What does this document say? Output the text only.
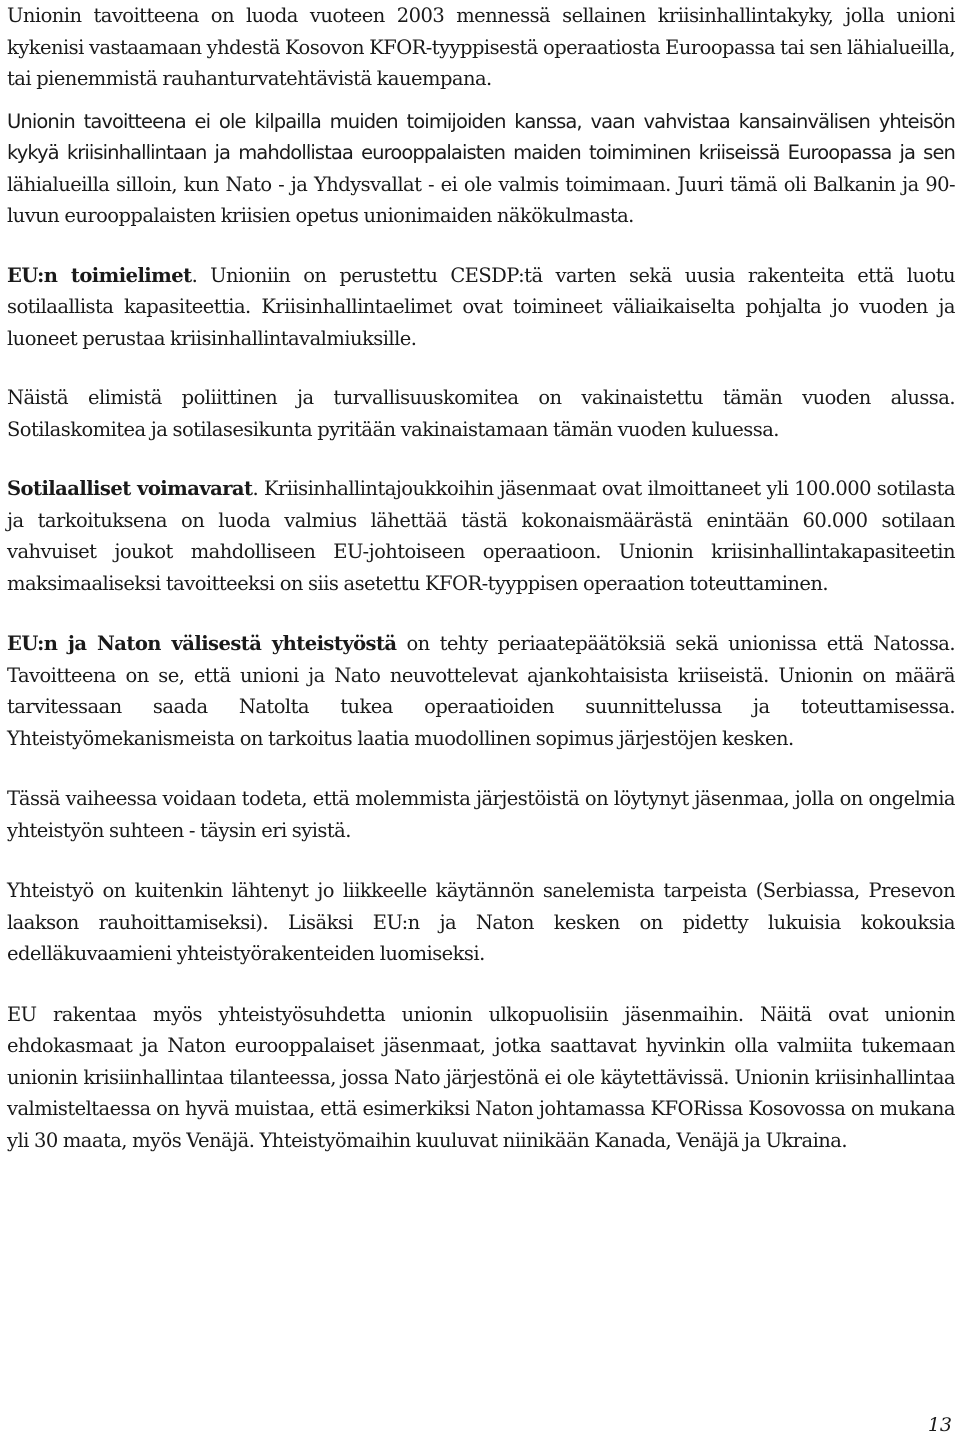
Unionin tavoitteena on luoda vuoteen 2003 mennessä sellainen kriisinhallintakyky, jolla unioni kykenisi vastaamaan yhdestä Kosovon KFOR-tyyppisestä operaatiosta Euroopassa tai sen lähialueilla, tai pienemmistä rauhanturvatehtävistä kauempana.

Unionin tavoitteena ei ole kilpailla muiden toimijoiden kanssa, vaan vahvistaa kansainvälisen yhteisön kykyä kriisinhallintaan ja mahdollistaa eurooppalaisten maiden toimiminen kriiseissä Euroopassa ja sen lähialueilla silloin, kun Nato - ja Yhdysvallat - ei ole valmis toimimaan. Juuri tämä oli Balkanin ja 90-luvun eurooppalaisten kriisien opetus unionimaiden näkökulmasta.

EU:n toimielimet. Unioniin on perustettu CESDP:tä varten sekä uusia rakenteita että luotu sotilaallista kapasiteettia. Kriisinhallintaelimet ovat toimineet väliaikaiselta pohjalta jo vuoden ja luoneet perustaa kriisinhallintavalmiuksille.

Näistä elimistä poliittinen ja turvallisuuskomitea on vakinaistettu tämän vuoden alussa. Sotilaskomitea ja sotilasesikunta pyritään vakinaistamaan tämän vuoden kuluessa.

Sotilaalliset voimavarat. Kriisinhallintajoukkoihin jäsenmaat ovat ilmoittaneet yli 100.000 sotilasta ja tarkoituksena on luoda valmius lähettää tästä kokonaismäärästä enintään 60.000 sotilaan vahvuiset joukot mahdolliseen EU-johtoiseen operaatioon. Unionin kriisinhallintakapasiteetin maksimaaliseksi tavoitteeksi on siis asetettu KFOR-tyyppisen operaation toteuttaminen.

EU:n ja Naton välisestä yhteistyöstä on tehty periaatepäätöksiä sekä unionissa että Natossa. Tavoitteena on se, että unioni ja Nato neuvottelevat ajankohtaisista kriiseistä. Unionin on määrä tarvitessaan saada Natolta tukea operaatioiden suunnittelussa ja toteuttamisessa. Yhteistyömekanismeista on tarkoitus laatia muodollinen sopimus järjestöjen kesken.

Tässä vaiheessa voidaan todeta, että molemmista järjestöistä on löytynyt jäsenmaa, jolla on ongelmia yhteistyön suhteen - täysin eri syistä.

Yhteistyö on kuitenkin lähtenyt jo liikkeelle käytännön sanelemista tarpeista (Serbiassa, Presevon laakson rauhoittamiseksi). Lisäksi EU:n ja Naton kesken on pidetty lukuisia kokouksia edelläkuvaamieni yhteistyörakenteiden luomiseksi.

EU rakentaa myös yhteistyösuhdetta unionin ulkopuolisiin jäsenmaihin. Näitä ovat unionin ehdokasmaat ja Naton eurooppalaiset jäsenmaat, jotka saattavat hyvinkin olla valmiita tukemaan unionin krisiinhallintaa tilanteessa, jossa Nato järjestönä ei ole käytettävissä. Unionin kriisinhallintaa valmisteltaessa on hyvä muistaa, että esimerkiksi Naton johtamassa KFORissa Kosovossa on mukana yli 30 maata, myös Venäjä. Yhteistyömaihin kuuluvat niinikään Kanada, Venäjä ja Ukraina.

13
